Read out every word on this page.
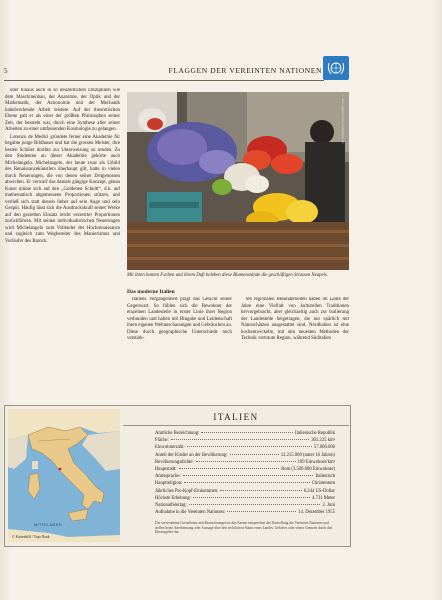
5	FLAGGEN DER VEREINTEN NATIONEN

über hinaus auch in so neuzeitlichen Disziplinen wie dem Maschinenbau, der Anatomie, der Optik und der Mathematik, der Astronomie und der Mechanik bahnbrechende Arbeit leistete. Auf der theoretischen Ebene galt er als einer der größten Philosophen seiner Zeit, der bestrebt war, durch eine Synthese aller seiner Arbeiten zu einer umfassenden Kosmologie zu gelangen.

Lorenzo de Medici gründete ferner eine Akademie für begabte junge Bildhauer und bat die grossen Meister, ihre besten Schüler dorthin zur Unterweisung zu senden. Zu den Studenten an dieser Akademie gehörte auch Michelangelo. Michelangelo, der heute zwar als Urbild des Renaissancekünstlers überhaupt gilt, hatte in vielen durch Neuerungen, die von denen seiner Zeitgenossen abwichen. Er verwarf das damals gängige Konzept, genau Kunst müsse sich auf den „Goldenen Schnitt“, d.h. auf mathematisch abgemessene Proportionen stützen, und verließ sich statt dessen lieber auf sein Auge und sein Gespür. Häufig lässt sich die Ausdruckskraft seiner Werke auf den gezielten Einsatz leicht verzerrter Proportionen zurückführen. Mit seinen individualistischen Neuerungen wird Michelangelo zum Vollender der Hochrenaissance und zugleich zum Wegbereiter des Manierismus und Vorläufer des Barock.

© Foto: Agenzia Press, Ruthenberg, Inc.
Mit ihren bunten Farben und ihrem Duft beleben diese Blumenstände die geschäftigen Strassen Neapels.
Das moderne Italien

Italiens Vergangenheit prägt das Gesicht seiner Gegenwart. So fühlen sich die Bewohner der einzelnen Landesteile in erster Linie ihrer Region verbunden und halten mit Hingabe und Leidenschaft ihren eigenen Weltanschauungen und Gebräuchen an. Diese durch geographische Unterschiede noch verstärk-

ten regionalen Besonderheiten haben im Laufe der Jahre eine Vielfalt von kulturellen Traditionen hervorgebracht, aber gleichzeitig auch zur Isolierung der Landesteile beigetragen, die nur spärlich mit Naturschätzen ausgestattet sind. Nordhalien ist eine hochentwickelte, mit den neuesten Methoden der Technik vertraute Region, während Süditalien

MITTELMEER
© Kartenbild / Topo Bank
ITALIEN
Amtliche Bezeichnung:	Italienische Republik
Fläche:	301.225 km²
Einwohnerzahl:	57.000.000
Anteil der Kinder an der Bevölkerung:	12.215.000 (unter 16 Jahren)
Bevölkerungsdichte:	189 Einwohner/km²
Hauptstadt:	Rom (3.500.000 Einwohner)
Amtssprache:	Italienisch
Hauptreligion:	Christentum
Jährliches Pro-Kopf-Einkommen:	6.244 US-Dollar
Höchste Erhebung:	4.731 Meter
Nationalfeiertag:	2. Juni
Aufnahme in die Vereinten Nationen:	14. Dezember 1955
Die verwendeten Grenzlinien und Bezeichnungen in den Karten entsprechen der Darstellung der Vereinten Nationen und stellen keine Anerkennung oder Aussage über den rechtlichen Status eines Landes, Gebietes oder seiner Grenzen durch den Herausgeber dar.
